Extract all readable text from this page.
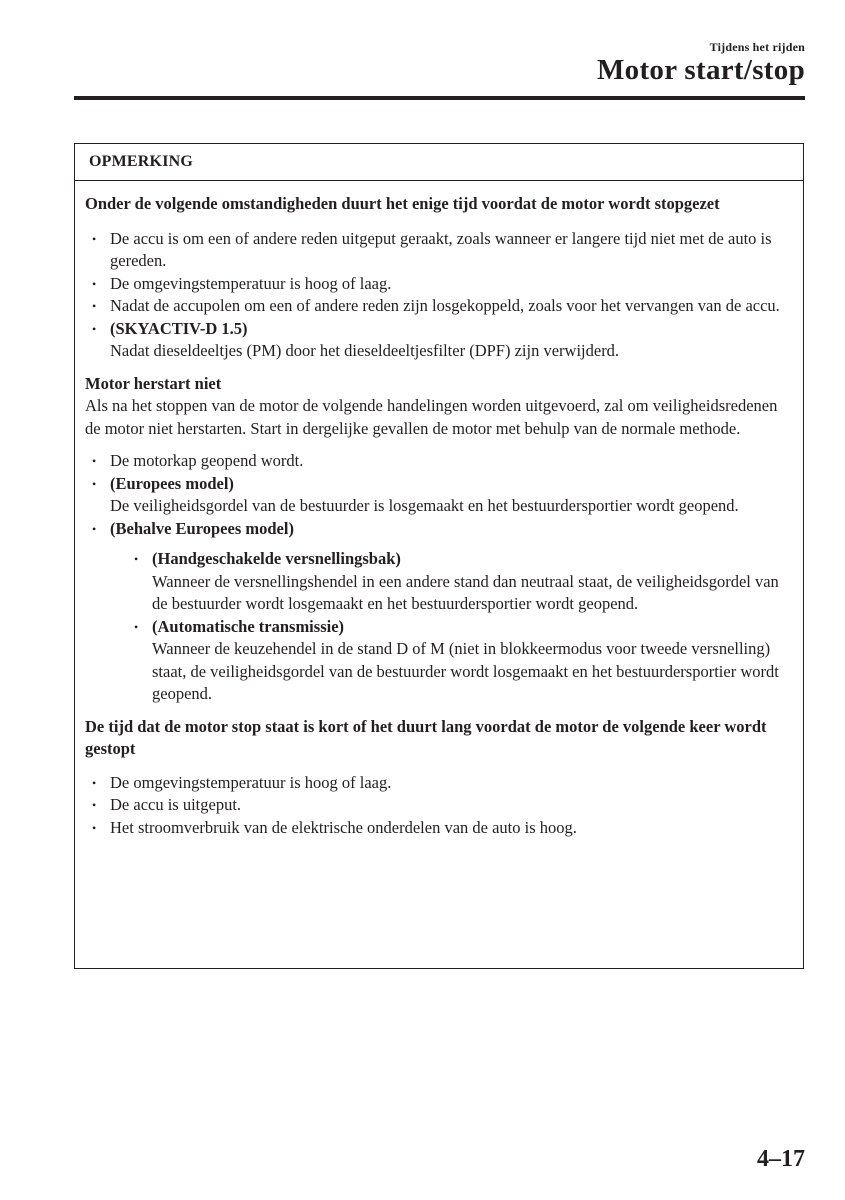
Tijdens het rijden
Motor start/stop
OPMERKING

Onder de volgende omstandigheden duurt het enige tijd voordat de motor wordt stopgezet

• De accu is om een of andere reden uitgeput geraakt, zoals wanneer er langere tijd niet met de auto is gereden.
• De omgevingstemperatuur is hoog of laag.
• Nadat de accupolen om een of andere reden zijn losgekoppeld, zoals voor het vervangen van de accu.
• (SKYACTIV-D 1.5)
Nadat dieseldeeltjes (PM) door het dieseldeeltjesfilter (DPF) zijn verwijderd.

Motor herstart niet

Als na het stoppen van de motor de volgende handelingen worden uitgevoerd, zal om veiligheidsredenen de motor niet herstarten. Start in dergelijke gevallen de motor met behulp van de normale methode.

• De motorkap geopend wordt.
• (Europees model)
De veiligheidsgordel van de bestuurder is losgemaakt en het bestuurdersportier wordt geopend.
• (Behalve Europees model)
• (Handgeschakelde versnellingsbak)
Wanneer de versnellingshendel in een andere stand dan neutraal staat, de veiligheidsgordel van de bestuurder wordt losgemaakt en het bestuurdersportier wordt geopend.
• (Automatische transmissie)
Wanneer de keuzehendel in de stand D of M (niet in blokkeermodus voor tweede versnelling) staat, de veiligheidsgordel van de bestuurder wordt losgemaakt en het bestuurdersportier wordt geopend.

De tijd dat de motor stop staat is kort of het duurt lang voordat de motor de volgende keer wordt gestopt

• De omgevingstemperatuur is hoog of laag.
• De accu is uitgeput.
• Het stroomverbruik van de elektrische onderdelen van de auto is hoog.
4–17
